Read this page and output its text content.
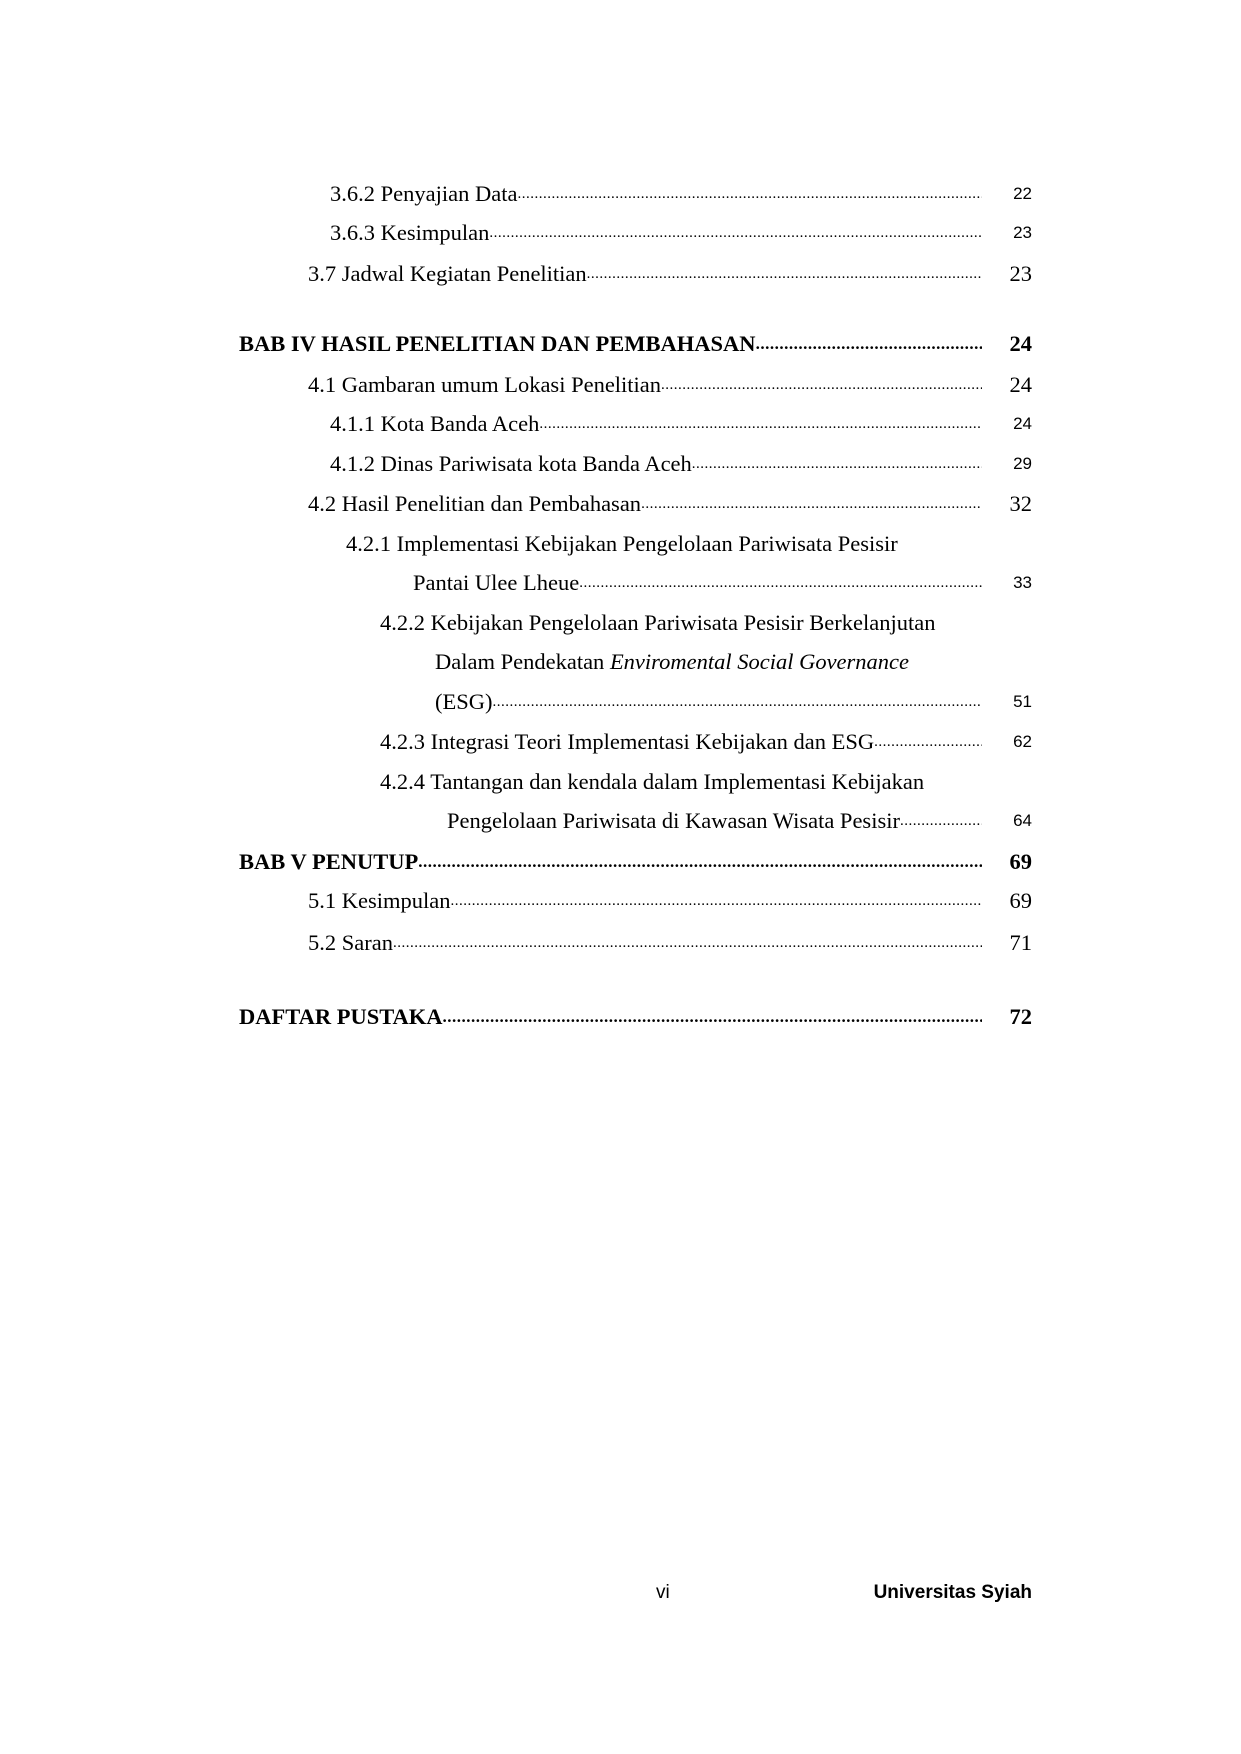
3.6.2 Penyajian Data .....	22
3.6.3 Kesimpulan .....	23
3.7 Jadwal Kegiatan Penelitian .....	23
BAB IV HASIL PENELITIAN DAN PEMBAHASAN .....	24
4.1 Gambaran umum Lokasi Penelitian .....	24
4.1.1 Kota Banda Aceh .....	24
4.1.2 Dinas Pariwisata kota Banda Aceh .....	29
4.2 Hasil Penelitian dan Pembahasan .....	32
4.2.1 Implementasi Kebijakan Pengelolaan Pariwisata Pesisir
Pantai Ulee Lheue .....	33
4.2.2 Kebijakan Pengelolaan Pariwisata Pesisir Berkelanjutan
Dalam Pendekatan Enviromental Social Governance
(ESG) .....	51
4.2.3 Integrasi Teori Implementasi Kebijakan dan ESG .....	62
4.2.4 Tantangan dan kendala dalam Implementasi Kebijakan
Pengelolaan Pariwisata di Kawasan Wisata Pesisir .....	64
BAB V PENUTUP .....	69
5.1 Kesimpulan .....	69
5.2 Saran .....	71
DAFTAR PUSTAKA .....	72
vi	Universitas Syiah
